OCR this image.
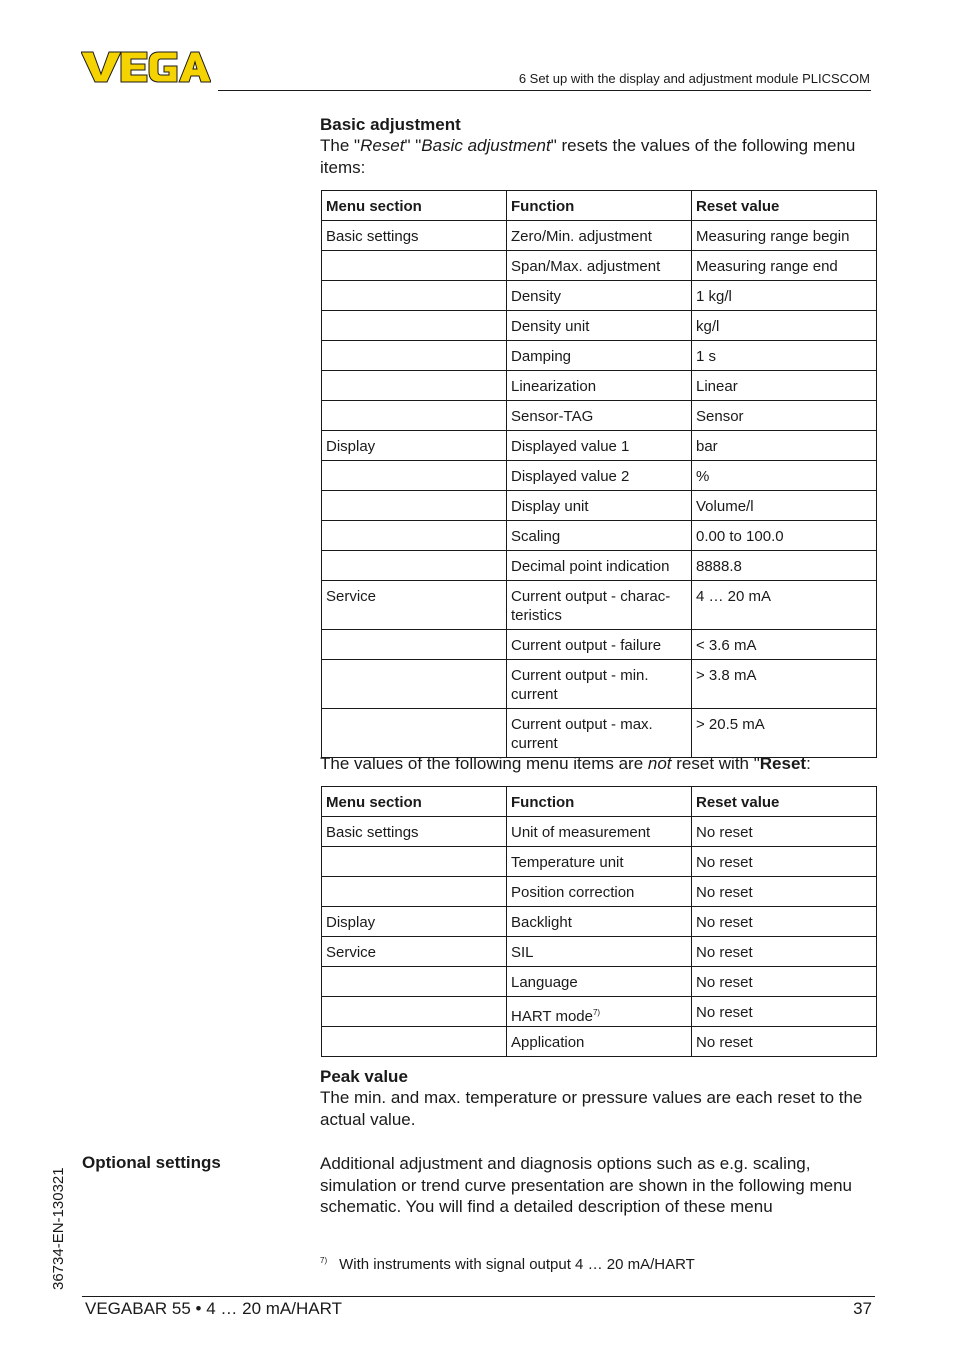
6 Set up with the display and adjustment module PLICSCOM
Basic adjustment
The "Reset" "Basic adjustment" resets the values of the following menu items:
Menu section	Function	Reset value
Basic settings	Zero/Min. adjustment	Measuring range begin
	Span/Max. adjustment	Measuring range end
	Density	1 kg/l
	Density unit	kg/l
	Damping	1 s
	Linearization	Linear
	Sensor-TAG	Sensor
Display	Displayed value 1	bar
	Displayed value 2	%
	Display unit	Volume/l
	Scaling	0.00 to 100.0
	Decimal point indication	8888.8
Service	Current output - charac-teristics	4 … 20 mA
	Current output - failure	< 3.6 mA
	Current output - min. current	> 3.8 mA
	Current output - max. current	> 20.5 mA
The values of the following menu items are not reset with "Reset:
Menu section	Function	Reset value
Basic settings	Unit of measurement	No reset
	Temperature unit	No reset
	Position correction	No reset
Display	Backlight	No reset
Service	SIL	No reset
	Language	No reset
	HART mode$^{7)}$	No reset
	Application	No reset
Peak value
The min. and max. temperature or pressure values are each reset to the actual value.
Optional settings	Additional adjustment and diagnosis options such as e.g. scaling, simulation or trend curve presentation are shown in the following menu schematic. You will find a detailed description of these menu
$^{7)}$ With instruments with signal output 4 … 20 mA/HART
36734-EN-130321
VEGABAR 55 • 4 … 20 mA/HART	37
